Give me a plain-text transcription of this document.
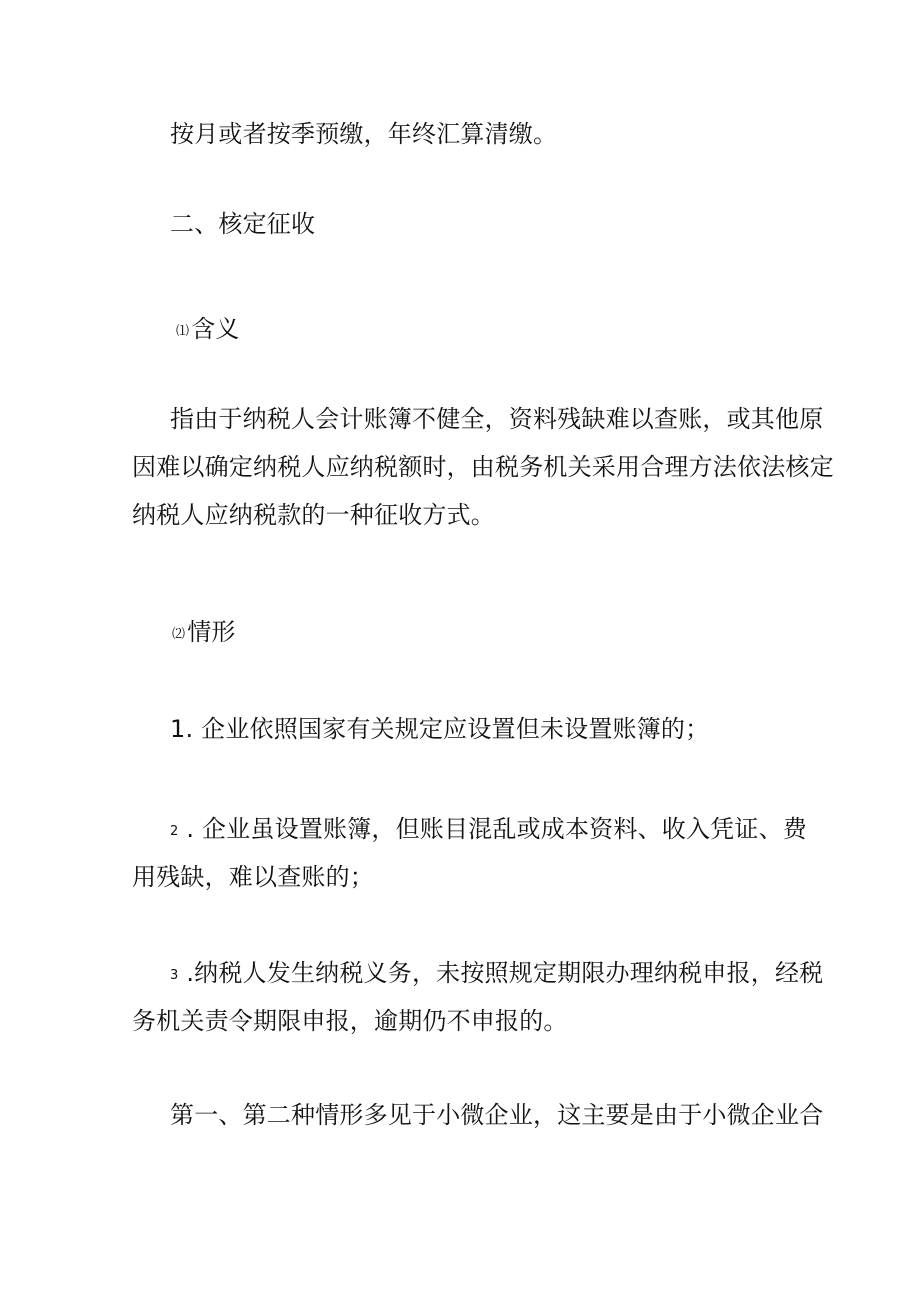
按月或者按季预缴，年终汇算清缴。
二、核定征收
⑴含义
指由于纳税人会计账簿不健全，资料残缺难以查账，或其他原
因难以确定纳税人应纳税额时，由税务机关采用合理方法依法核定
纳税人应纳税款的一种征收方式。
⑵情形
1. 企业依照国家有关规定应设置但未设置账簿的；
2 . 企业虽设置账簿，但账目混乱或成本资料、收入凭证、费
用残缺，难以查账的；
3 .纳税人发生纳税义务，未按照规定期限办理纳税申报，经税
务机关责令期限申报，逾期仍不申报的。
第一、第二种情形多见于小微企业，这主要是由于小微企业合
